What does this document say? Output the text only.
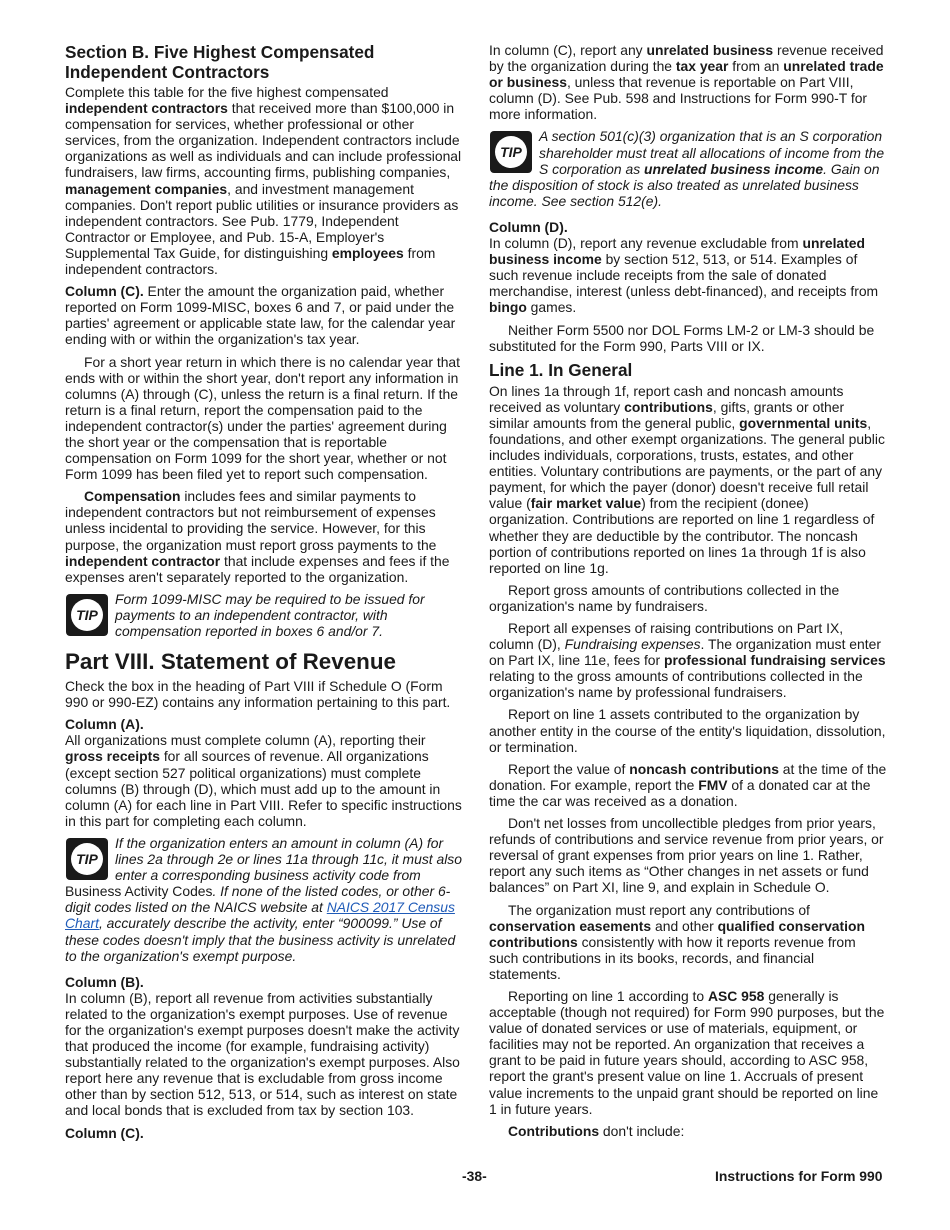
Section B. Five Highest Compensated Independent Contractors

Complete this table for the five highest compensated independent contractors that received more than $100,000 in compensation for services, whether professional or other services, from the organization. Independent contractors include organizations as well as individuals and can include professional fundraisers, law firms, accounting firms, publishing companies, management companies, and investment management companies. Don't report public utilities or insurance providers as independent contractors. See Pub. 1779, Independent Contractor or Employee, and Pub. 15-A, Employer's Supplemental Tax Guide, for distinguishing employees from independent contractors.

Column (C). Enter the amount the organization paid, whether reported on Form 1099-MISC, boxes 6 and 7, or paid under the parties' agreement or applicable state law, for the calendar year ending with or within the organization's tax year.

For a short year return in which there is no calendar year that ends with or within the short year, don't report any information in columns (A) through (C), unless the return is a final return. If the return is a final return, report the compensation paid to the independent contractor(s) under the parties' agreement during the short year or the compensation that is reportable compensation on Form 1099 for the short year, whether or not Form 1099 has been filed yet to report such compensation.

Compensation includes fees and similar payments to independent contractors but not reimbursement of expenses unless incidental to providing the service. However, for this purpose, the organization must report gross payments to the independent contractor that include expenses and fees if the expenses aren't separately reported to the organization.

TIP
Form 1099-MISC may be required to be issued for payments to an independent contractor, with compensation reported in boxes 6 and/or 7.
Part VIII. Statement of Revenue

Check the box in the heading of Part VIII if Schedule O (Form 990 or 990-EZ) contains any information pertaining to this part.

Column (A).
All organizations must complete column (A), reporting their gross receipts for all sources of revenue. All organizations (except section 527 political organizations) must complete columns (B) through (D), which must add up to the amount in column (A) for each line in Part VIII. Refer to specific instructions in this part for completing each column.

TIP
If the organization enters an amount in column (A) for lines 2a through 2e or lines 11a through 11c, it must also enter a corresponding business activity code from Business Activity Codes. If none of the listed codes, or other 6-digit codes listed on the NAICS website at NAICS 2017 Census Chart, accurately describe the activity, enter “900099.” Use of these codes doesn't imply that the business activity is unrelated to the organization's exempt purpose.

Column (B).
In column (B), report all revenue from activities substantially related to the organization's exempt purposes. Use of revenue for the organization's exempt purposes doesn't make the activity that produced the income (for example, fundraising activity) substantially related to the organization's exempt purposes. Also report here any revenue that is excludable from gross income other than by section 512, 513, or 514, such as interest on state and local bonds that is excluded from tax by section 103.

Column (C).

In column (C), report any unrelated business revenue received by the organization during the tax year from an unrelated trade or business, unless that revenue is reportable on Part VIII, column (D). See Pub. 598 and Instructions for Form 990-T for more information.

TIP
A section 501(c)(3) organization that is an S corporation shareholder must treat all allocations of income from the S corporation as unrelated business income. Gain on the disposition of stock is also treated as unrelated business income. See section 512(e).

Column (D).
In column (D), report any revenue excludable from unrelated business income by section 512, 513, or 514. Examples of such revenue include receipts from the sale of donated merchandise, interest (unless debt-financed), and receipts from bingo games.

Neither Form 5500 nor DOL Forms LM-2 or LM-3 should be substituted for the Form 990, Parts VIII or IX.

Line 1. In General

On lines 1a through 1f, report cash and noncash amounts received as voluntary contributions, gifts, grants or other similar amounts from the general public, governmental units, foundations, and other exempt organizations. The general public includes individuals, corporations, trusts, estates, and other entities. Voluntary contributions are payments, or the part of any payment, for which the payer (donor) doesn't receive full retail value (fair market value) from the recipient (donee) organization. Contributions are reported on line 1 regardless of whether they are deductible by the contributor. The noncash portion of contributions reported on lines 1a through 1f is also reported on line 1g.

Report gross amounts of contributions collected in the organization's name by fundraisers.

Report all expenses of raising contributions on Part IX, column (D), Fundraising expenses. The organization must enter on Part IX, line 11e, fees for professional fundraising services relating to the gross amounts of contributions collected in the organization's name by professional fundraisers.

Report on line 1 assets contributed to the organization by another entity in the course of the entity's liquidation, dissolution, or termination.

Report the value of noncash contributions at the time of the donation. For example, report the FMV of a donated car at the time the car was received as a donation.

Don't net losses from uncollectible pledges from prior years, refunds of contributions and service revenue from prior years, or reversal of grant expenses from prior years on line 1. Rather, report any such items as “Other changes in net assets or fund balances” on Part XI, line 9, and explain in Schedule O.

The organization must report any contributions of conservation easements and other qualified conservation contributions consistently with how it reports revenue from such contributions in its books, records, and financial statements.

Reporting on line 1 according to ASC 958 generally is acceptable (though not required) for Form 990 purposes, but the value of donated services or use of materials, equipment, or facilities may not be reported. An organization that receives a grant to be paid in future years should, according to ASC 958, report the grant's present value on line 1. Accruals of present value increments to the unpaid grant should be reported on line 1 in future years.

Contributions don't include:

-38-	Instructions for Form 990
